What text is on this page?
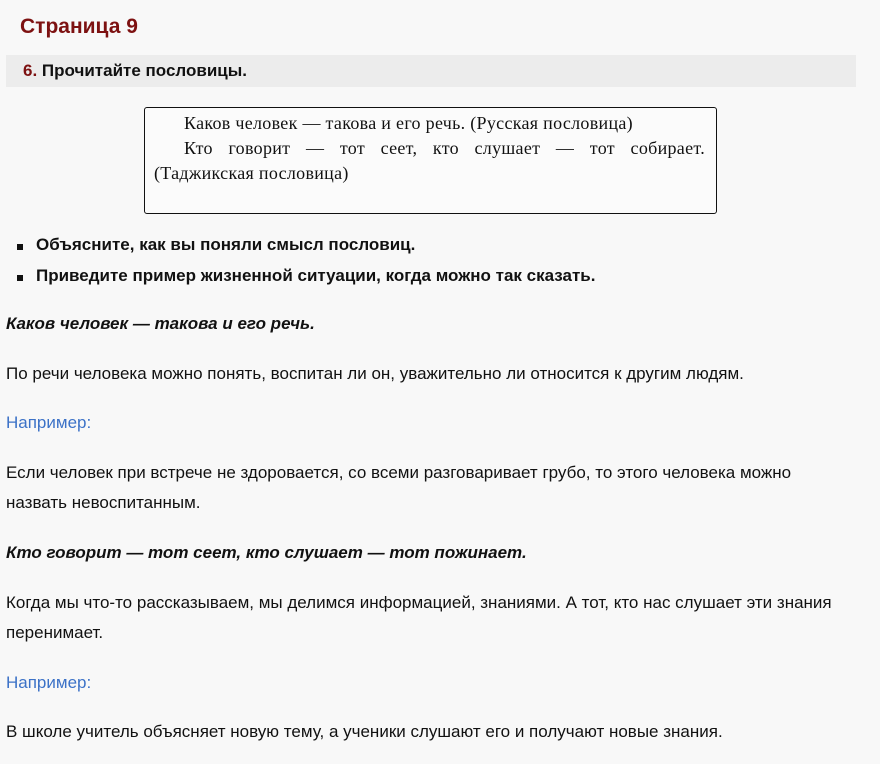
Страница 9
6. Прочитайте пословицы.

Каков человек — такова и его речь. (Русская пословица)

Кто говорит — тот сеет, кто слушает — тот собирает. (Таджикская пословица)

Объясните, как вы поняли смысл пословиц.
Приведите пример жизненной ситуации, когда можно так сказать.

Каков человек — такова и его речь.

По речи человека можно понять, воспитан ли он, уважительно ли относится к другим людям.

Например:

Если человек при встрече не здоровается, со всеми разговаривает грубо, то этого человека можно назвать невоспитанным.

Кто говорит — тот сеет, кто слушает — тот пожинает.

Когда мы что-то рассказываем, мы делимся информацией, знаниями. А тот, кто нас слушает эти знания перенимает.

Например:

В школе учитель объясняет новую тему, а ученики слушают его и получают новые знания.
